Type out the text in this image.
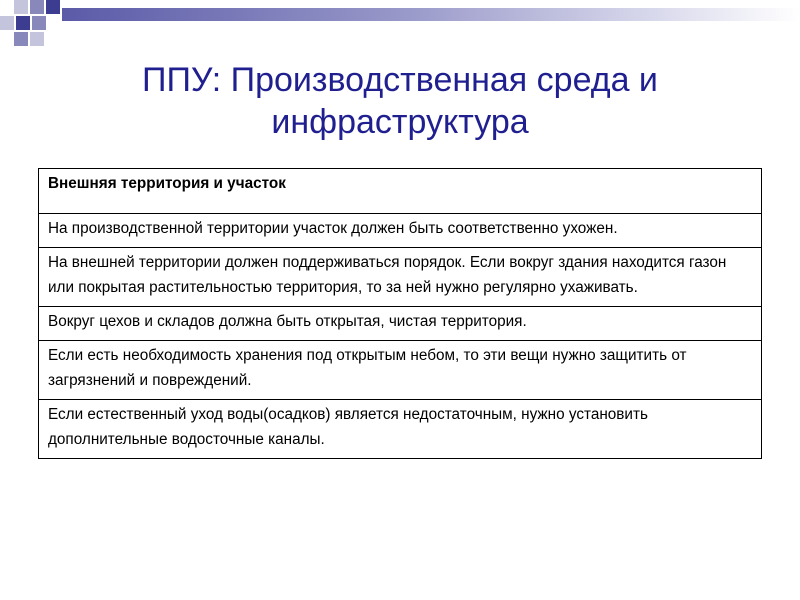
ППУ: Производственная среда и
инфраструктура
Внешняя территория и участок
На производственной территории участок должен быть соответственно ухожен.
На внешней территории должен поддерживаться порядок. Если вокруг здания находится газон или покрытая растительностью территория, то за ней нужно регулярно ухаживать.
Вокруг цехов и складов должна быть открытая, чистая территория.
Если есть необходимость хранения под открытым небом, то эти вещи нужно защитить от загрязнений и повреждений.
Если естественный уход воды(осадков) является недостаточным, нужно установить дополнительные водосточные каналы.
